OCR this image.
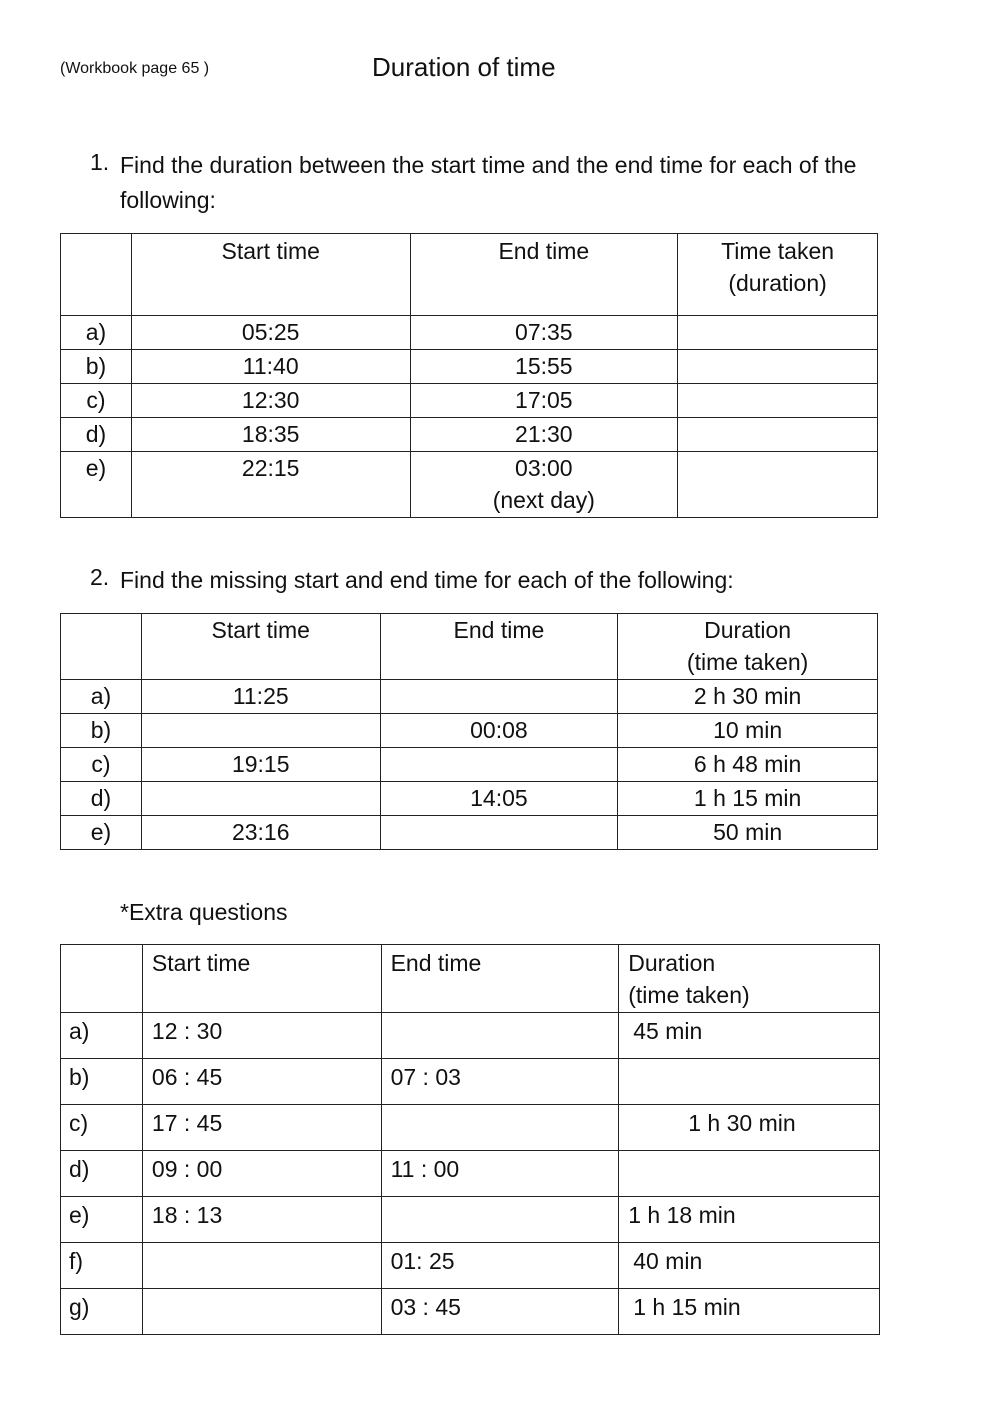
(Workbook page 65 )	Duration of time
1. Find the duration between the start time and the end time for each of the
following:
	Start time	End time	Time taken
(duration)

a)	05:25	07:35	
b)	11:40	15:55	
c)	12:30	17:05	
d)	18:35	21:30	
e)	22:15	03:00
(next day)	

2. Find the missing start and end time for each of the following:
	Start time	End time	Duration
(time taken)

a)	11:25		2 h 30 min
b)		00:08	10 min
c)	19:15		6 h 48 min
d)		14:05	1 h 15 min
e)	23:16		50 min
*Extra questions
	Start time	End time	Duration
(time taken)

a)	12 : 30		45 min
b)	06 : 45	07 : 03	
c)	17 : 45		1 h 30 min
d)	09 : 00	11 : 00	
e)	18 : 13		1 h 18 min
f)		01: 25	40 min
g)		03 : 45	1 h 15 min
